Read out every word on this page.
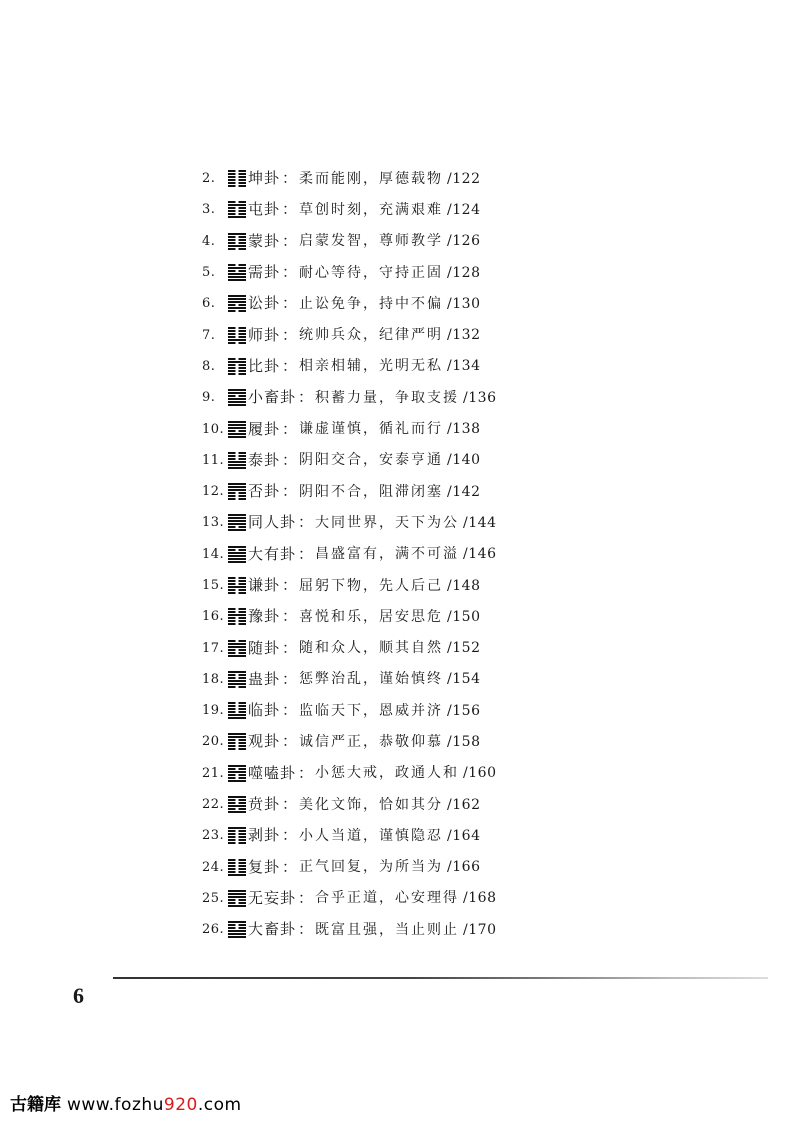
2.	坤卦 ： 柔而能刚，厚德载物 /122
3.	屯卦 ： 草创时刻，充满艰难 /124
4.	蒙卦 ： 启蒙发智，尊师教学 /126
5.	需卦 ： 耐心等待，守持正固 /128
6.	讼卦 ： 止讼免争，持中不偏 /130
7.	师卦 ： 统帅兵众，纪律严明 /132
8.	比卦 ： 相亲相辅，光明无私 /134
9.	小畜卦 ： 积蓄力量，争取支援 /136
10. 履卦 ： 谦虚谨慎，循礼而行 /138
11. 泰卦 ： 阴阳交合，安泰亨通 /140
12. 否卦 ： 阴阳不合，阻滞闭塞 /142
13. 同人卦 ： 大同世界，天下为公 /144
14. 大有卦 ： 昌盛富有，满不可溢 /146
15. 谦卦 ： 屈躬下物，先人后己 /148
16. 豫卦 ： 喜悦和乐，居安思危 /150
17. 随卦 ： 随和众人，顺其自然 /152
18. 蛊卦 ： 惩弊治乱，谨始慎终 /154
19. 临卦 ： 监临天下，恩威并济 /156
20. 观卦 ： 诚信严正，恭敬仰慕 /158
21. 噬嗑卦 ： 小惩大戒，政通人和 /160
22. 贲卦 ： 美化文饰，恰如其分 /162
23. 剥卦 ： 小人当道，谨慎隐忍 /164
24. 复卦 ： 正气回复，为所当为 /166
25. 无妄卦 ： 合乎正道，心安理得 /168
26. 大畜卦 ： 既富且强，当止则止 /170
6
古籍库 www.fozhu920.com
